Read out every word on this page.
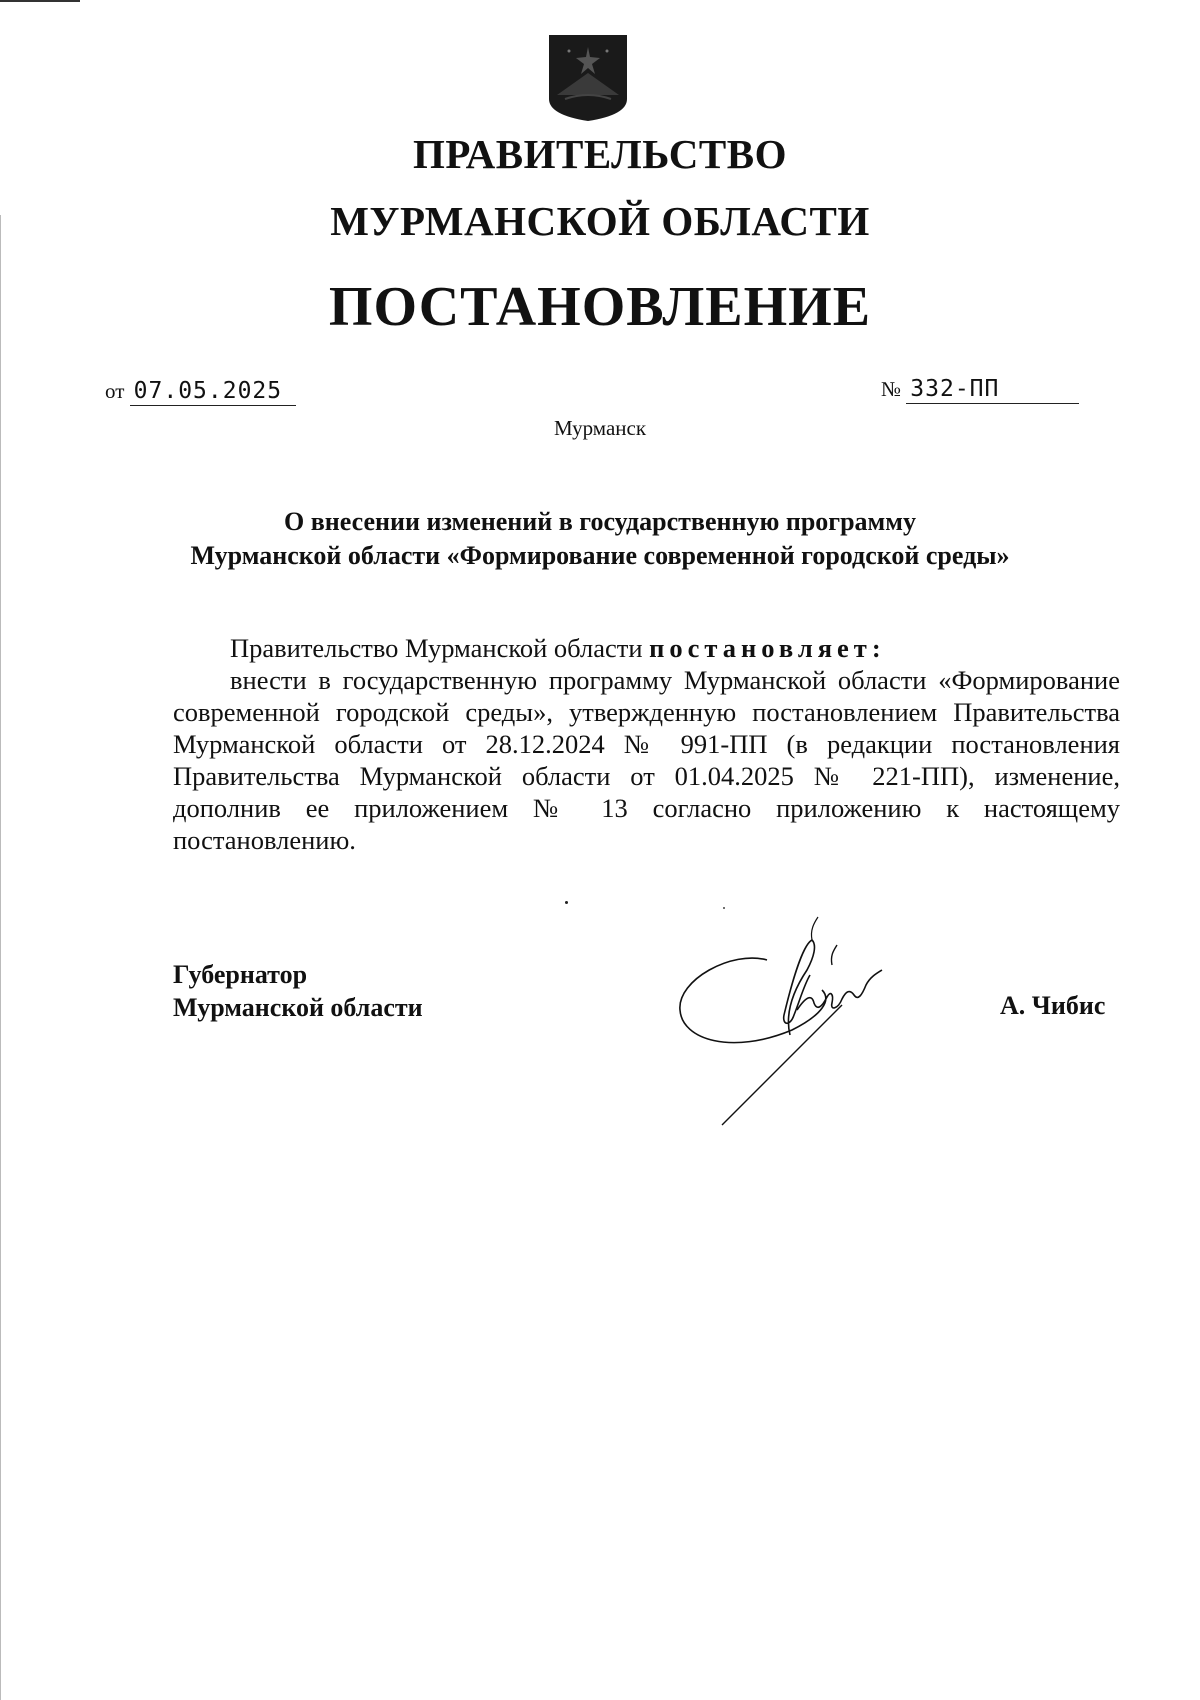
ПРАВИТЕЛЬСТВО
МУРМАНСКОЙ ОБЛАСТИ
ПОСТАНОВЛЕНИЕ
от 07.05.2025	№ 332-ПП
Мурманск
О внесении изменений в государственную программу
Мурманской области «Формирование современной городской среды»

Правительство Мурманской области постановляет:

внести в государственную программу Мурманской области «Формирование современной городской среды», утвержденную постановлением Правительства Мурманской области от 28.12.2024 № 991-ПП (в редакции постановления Правительства Мурманской области от 01.04.2025 № 221-ПП), изменение, дополнив ее приложением № 13 согласно приложению к настоящему постановлению.

Губернатор
Мурманской области	А. Чибис
